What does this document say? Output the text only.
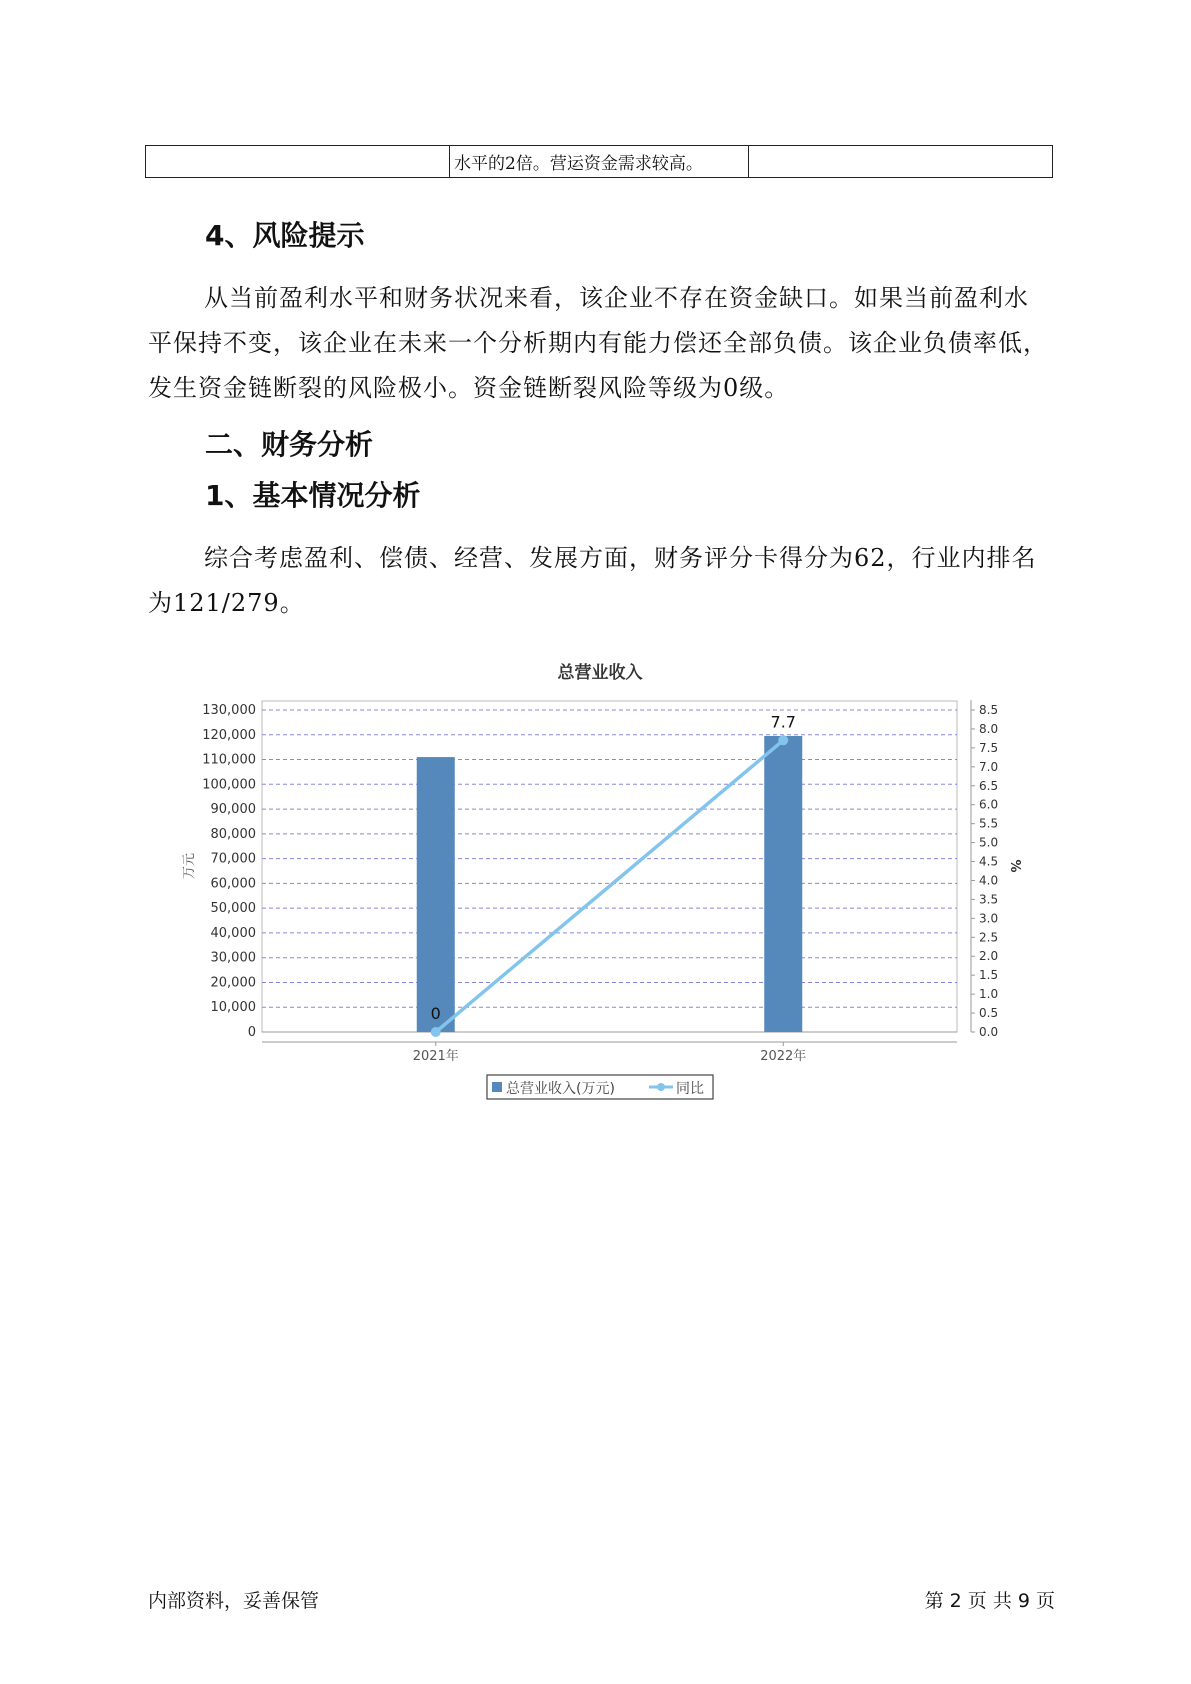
	水平的2倍。营运资金需求较高。	
4、风险提示

从当前盈利水平和财务状况来看，该企业不存在资金缺口。如果当前盈利水平保持不变，该企业在未来一个分析期内有能力偿还全部负债。该企业负债率低，发生资金链断裂的风险极小。资金链断裂风险等级为0级。

二、财务分析
1、基本情况分析

综合考虑盈利、偿债、经营、发展方面，财务评分卡得分为62，行业内排名为121/279。

总营业收入
0
10,000
20,000
30,000
40,000
50,000
60,000
70,000
80,000
90,000
100,000
110,000
120,000
130,000
0.0
0.5
1.0
1.5
2.0
2.5
3.0
3.5
4.0
4.5
5.0
5.5
6.0
6.5
7.0
7.5
8.0
8.5
0
7.7
2021年	2022年
万元	%
总营业收入(万元)	同比
内部资料，妥善保管	第 2 页 共 9 页
